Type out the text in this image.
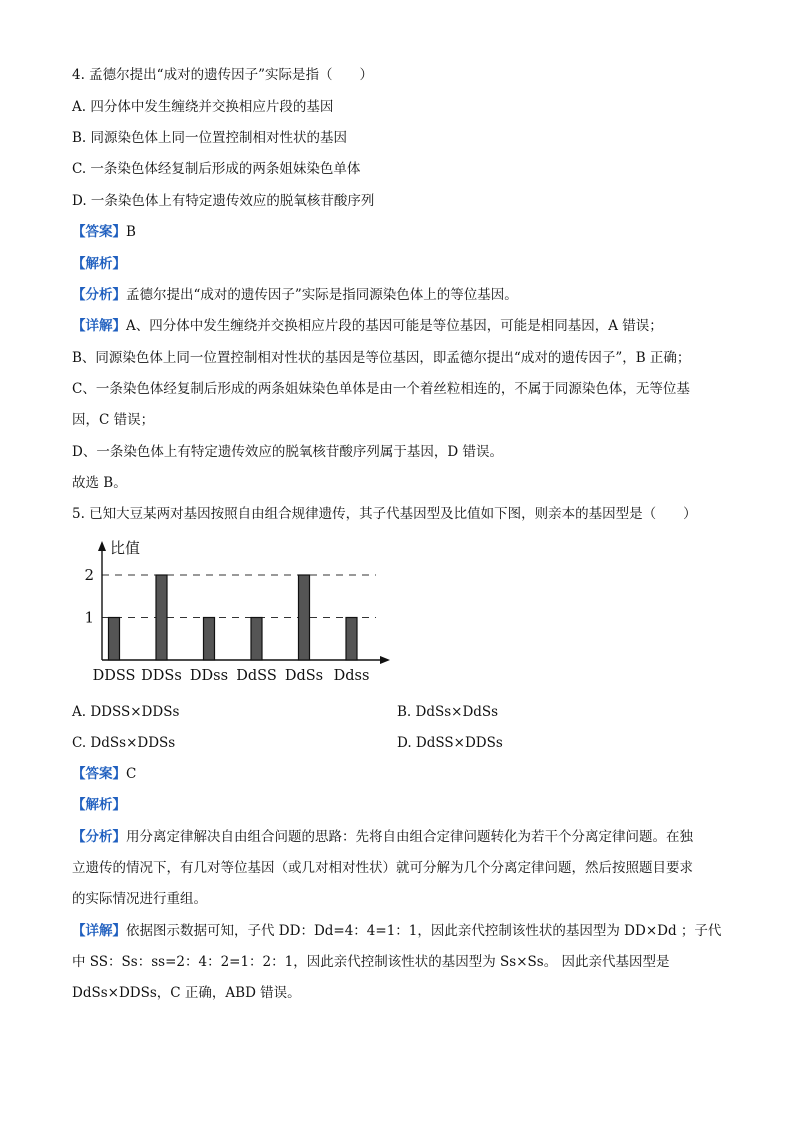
4. 孟德尔提出“成对的遗传因子”实际是指（　　）
A. 四分体中发生缠绕并交换相应片段的基因
B. 同源染色体上同一位置控制相对性状的基因
C. 一条染色体经复制后形成的两条姐妹染色单体
D. 一条染色体上有特定遗传效应的脱氧核苷酸序列
【答案】B
【解析】
【分析】孟德尔提出“成对的遗传因子”实际是指同源染色体上的等位基因。
【详解】A、四分体中发生缠绕并交换相应片段的基因可能是等位基因，可能是相同基因，A 错误；
B、同源染色体上同一位置控制相对性状的基因是等位基因，即孟德尔提出“成对的遗传因子”，B 正确；
C、一条染色体经复制后形成的两条姐妹染色单体是由一个着丝粒相连的，不属于同源染色体，无等位基
因，C 错误；
D、一条染色体上有特定遗传效应的脱氧核苷酸序列属于基因，D 错误。
故选 B。
5. 已知大豆某两对基因按照自由组合规律遗传，其子代基因型及比值如下图，则亲本的基因型是（　　）
1
2
比值
DDSS DDSs DDss DdSS DdSs Ddss
A. DDSS×DDSs	B. DdSs×DdSs
C. DdSs×DDSs	D. DdSS×DDSs
【答案】C
【解析】
【分析】用分离定律解决自由组合问题的思路：先将自由组合定律问题转化为若干个分离定律问题。在独
立遗传的情况下，有几对等位基因（或几对相对性状）就可分解为几个分离定律问题，然后按照题目要求
的实际情况进行重组。
【详解】依据图示数据可知，子代 DD：Dd=4：4=1：1，因此亲代控制该性状的基因型为 DD×Dd ；子代
中 SS：Ss：ss=2：4：2=1：2：1，因此亲代控制该性状的基因型为 Ss×Ss。 因此亲代基因型是
DdSs×DDSs，C 正确，ABD 错误。
